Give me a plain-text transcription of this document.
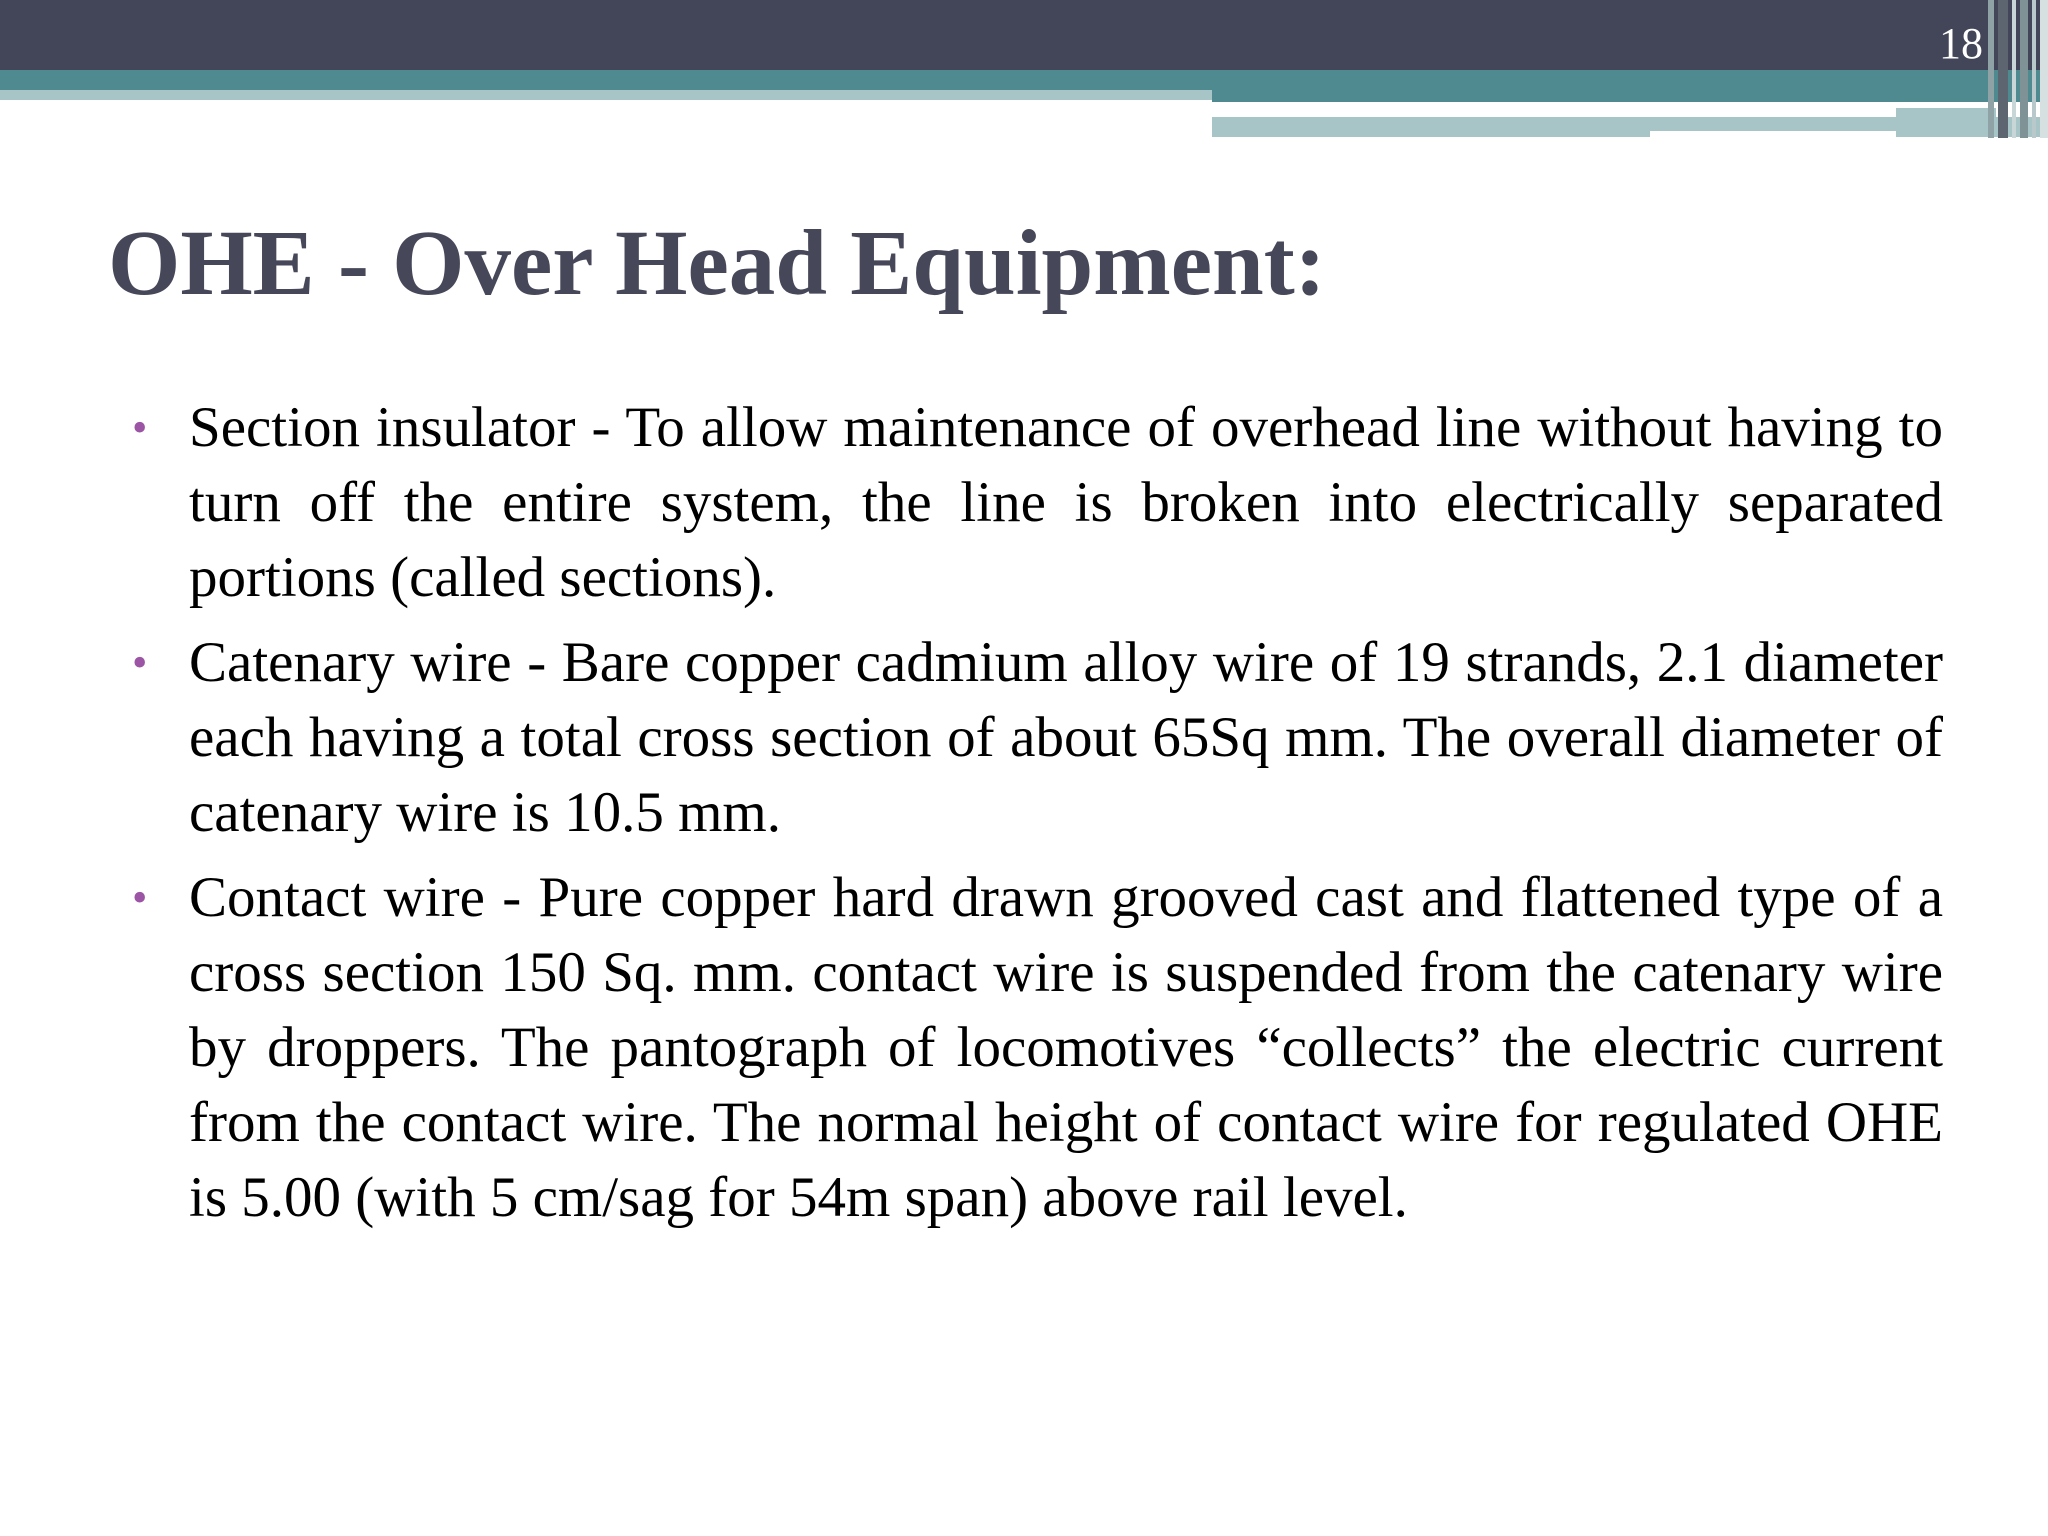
18
OHE - Over Head Equipment:
• Section insulator - To allow maintenance of overhead line without having to turn off the entire system, the line is broken into electrically separated portions (called sections).
• Catenary wire - Bare copper cadmium alloy wire of 19 strands, 2.1 diameter each having a total cross section of about 65Sq mm. The overall diameter of catenary wire is 10.5 mm.
• Contact wire - Pure copper hard drawn grooved cast and flattened type of a cross section 150 Sq. mm. contact wire is suspended from the catenary wire by droppers. The pantograph of locomotives “collects” the electric current from the contact wire. The normal height of contact wire for regulated OHE is 5.00 (with 5 cm/sag for 54m span) above rail level.
